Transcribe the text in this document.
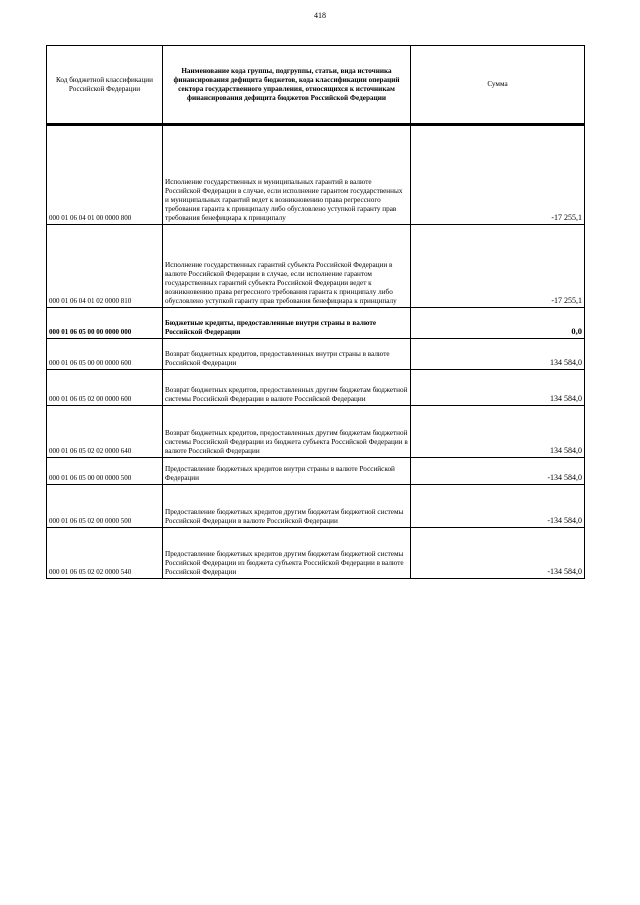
418
Код бюджетной классификации Российской Федерации	Наименование кода группы, подгруппы, статьи, вида источника финансирования дефицита бюджетов, кода классификации операций сектора государственного управления, относящихся к источникам финансирования дефицита бюджетов Российской Федерации	Сумма

000 01 06 04 01 00 0000 800	Исполнение государственных и муниципальных гарантий в валюте Российской Федерации в случае, если исполнение гарантом государственных и муниципальных гарантий ведет к возникновению права регрессного требования гаранта к принципалу либо обусловлено уступкой гаранту прав требования бенефициара к принципалу	-17 255,1
000 01 06 04 01 02 0000 810	Исполнение государственных гарантий субъекта Российской Федерации в валюте Российской Федерации в случае, если исполнение гарантом государственных гарантий субъекта Российской Федерации ведет к возникновению права регрессного требования гаранта к принципалу либо обусловлено уступкой гаранту прав требования бенефициара к принципалу	-17 255,1
000 01 06 05 00 00 0000 000	Бюджетные кредиты, предоставленные внутри страны в валюте Российской Федерации	0,0
000 01 06 05 00 00 0000 600	Возврат бюджетных кредитов, предоставленных внутри страны в валюте Российской Федерации	134 584,0
000 01 06 05 02 00 0000 600	Возврат бюджетных кредитов, предоставленных другим бюджетам бюджетной системы Российской Федерации в валюте Российской Федерации	134 584,0
000 01 06 05 02 02 0000 640	Возврат бюджетных кредитов, предоставленных другим бюджетам бюджетной системы Российской Федерации из бюджета субъекта Российской Федерации в валюте Российской Федерации	134 584,0
000 01 06 05 00 00 0000 500	Предоставление бюджетных кредитов внутри страны в валюте Российской Федерации	-134 584,0
000 01 06 05 02 00 0000 500	Предоставление бюджетных кредитов другим бюджетам бюджетной системы Российской Федерации в валюте Российской Федерации	-134 584,0
000 01 06 05 02 02 0000 540	Предоставление бюджетных кредитов другим бюджетам бюджетной системы Российской Федерации из бюджета субъекта Российской Федерации в валюте Российской Федерации	-134 584,0
